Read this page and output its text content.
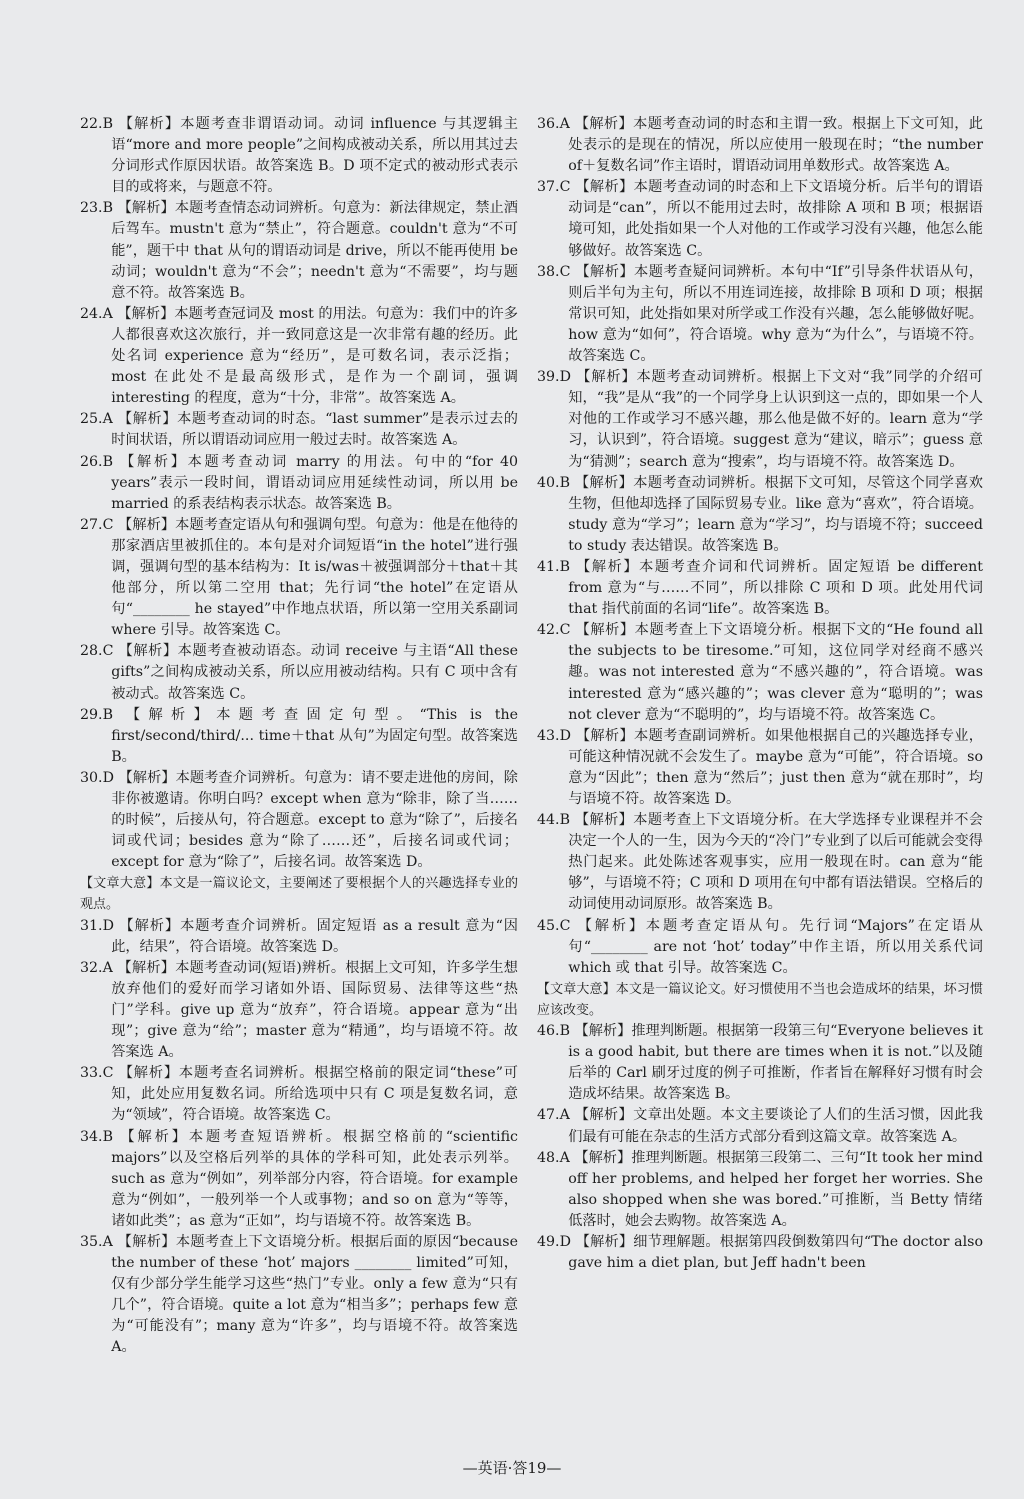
22.B 【解析】本题考查非谓语动词。动词 influence 与其逻辑主语“more and more people”之间构成被动关系，所以用其过去分词形式作原因状语。故答案选 B。D 项不定式的被动形式表示目的或将来，与题意不符。
23.B 【解析】本题考查情态动词辨析。句意为：新法律规定，禁止酒后驾车。mustn't 意为“禁止”，符合题意。couldn't 意为“不可能”，题干中 that 从句的谓语动词是 drive，所以不能再使用 be 动词；wouldn't 意为“不会”；needn't 意为“不需要”，均与题意不符。故答案选 B。
24.A 【解析】本题考查冠词及 most 的用法。句意为：我们中的许多人都很喜欢这次旅行，并一致同意这是一次非常有趣的经历。此处名词 experience 意为“经历”，是可数名词，表示泛指；most 在此处不是最高级形式，是作为一个副词，强调 interesting 的程度，意为“十分，非常”。故答案选 A。
25.A 【解析】本题考查动词的时态。“last summer”是表示过去的时间状语，所以谓语动词应用一般过去时。故答案选 A。
26.B 【解析】本题考查动词 marry 的用法。句中的“for 40 years”表示一段时间，谓语动词应用延续性动词，所以用 be married 的系表结构表示状态。故答案选 B。
27.C 【解析】本题考查定语从句和强调句型。句意为：他是在他待的那家酒店里被抓住的。本句是对介词短语“in the hotel”进行强调，强调句型的基本结构为：It is/was＋被强调部分＋that＋其他部分，所以第二空用 that；先行词“the hotel”在定语从句“________ he stayed”中作地点状语，所以第一空用关系副词 where 引导。故答案选 C。
28.C 【解析】本题考查被动语态。动词 receive 与主语“All these gifts”之间构成被动关系，所以应用被动结构。只有 C 项中含有被动式。故答案选 C。
29.B 【解析】本题考查固定句型。“This is the first/second/third/... time＋that 从句”为固定句型。故答案选 B。
30.D 【解析】本题考查介词辨析。句意为：请不要走进他的房间，除非你被邀请。你明白吗？except when 意为“除非，除了当……的时候”，后接从句，符合题意。except to 意为“除了”，后接名词或代词；besides 意为“除了……还”，后接名词或代词；except for 意为“除了”，后接名词。故答案选 D。
【文章大意】本文是一篇议论文，主要阐述了要根据个人的兴趣选择专业的观点。
31.D 【解析】本题考查介词辨析。固定短语 as a result 意为“因此，结果”，符合语境。故答案选 D。
32.A 【解析】本题考查动词(短语)辨析。根据上文可知，许多学生想放弃他们的爱好而学习诸如外语、国际贸易、法律等这些“热门”学科。give up 意为“放弃”，符合语境。appear 意为“出现”；give 意为“给”；master 意为“精通”，均与语境不符。故答案选 A。
33.C 【解析】本题考查名词辨析。根据空格前的限定词“these”可知，此处应用复数名词。所给选项中只有 C 项是复数名词，意为“领域”，符合语境。故答案选 C。
34.B 【解析】本题考查短语辨析。根据空格前的“scientific majors”以及空格后列举的具体的学科可知，此处表示列举。such as 意为“例如”，列举部分内容，符合语境。for example 意为“例如”，一般列举一个人或事物；and so on 意为“等等，诸如此类”；as 意为“正如”，均与语境不符。故答案选 B。
35.A 【解析】本题考查上下文语境分析。根据后面的原因“because the number of these ‘hot’ majors ________ limited”可知，仅有少部分学生能学习这些“热门”专业。only a few 意为“只有几个”，符合语境。quite a lot 意为“相当多”；perhaps few 意为“可能没有”；many 意为“许多”，均与语境不符。故答案选 A。
36.A 【解析】本题考查动词的时态和主谓一致。根据上下文可知，此处表示的是现在的情况，所以应使用一般现在时；“the number of＋复数名词”作主语时，谓语动词用单数形式。故答案选 A。
37.C 【解析】本题考查动词的时态和上下文语境分析。后半句的谓语动词是“can”，所以不能用过去时，故排除 A 项和 B 项；根据语境可知，此处指如果一个人对他的工作或学习没有兴趣，他怎么能够做好。故答案选 C。
38.C 【解析】本题考查疑问词辨析。本句中“If”引导条件状语从句，则后半句为主句，所以不用连词连接，故排除 B 项和 D 项；根据常识可知，此处指如果对所学或工作没有兴趣，怎么能够做好呢。how 意为“如何”，符合语境。why 意为“为什么”，与语境不符。故答案选 C。
39.D 【解析】本题考查动词辨析。根据上下文对“我”同学的介绍可知，“我”是从“我”的一个同学身上认识到这一点的，即如果一个人对他的工作或学习不感兴趣，那么他是做不好的。learn 意为“学习，认识到”，符合语境。suggest 意为“建议，暗示”；guess 意为“猜测”；search 意为“搜索”，均与语境不符。故答案选 D。
40.B 【解析】本题考查动词辨析。根据下文可知，尽管这个同学喜欢生物，但他却选择了国际贸易专业。like 意为“喜欢”，符合语境。study 意为“学习”；learn 意为“学习”，均与语境不符；succeed to study 表达错误。故答案选 B。
41.B 【解析】本题考查介词和代词辨析。固定短语 be different from 意为“与……不同”，所以排除 C 项和 D 项。此处用代词 that 指代前面的名词“life”。故答案选 B。
42.C 【解析】本题考查上下文语境分析。根据下文的“He found all the subjects to be tiresome.”可知，这位同学对经商不感兴趣。was not interested 意为“不感兴趣的”，符合语境。was interested 意为“感兴趣的”；was clever 意为“聪明的”；was not clever 意为“不聪明的”，均与语境不符。故答案选 C。
43.D 【解析】本题考查副词辨析。如果他根据自己的兴趣选择专业，可能这种情况就不会发生了。maybe 意为“可能”，符合语境。so 意为“因此”；then 意为“然后”；just then 意为“就在那时”，均与语境不符。故答案选 D。
44.B 【解析】本题考查上下文语境分析。在大学选择专业课程并不会决定一个人的一生，因为今天的“冷门”专业到了以后可能就会变得热门起来。此处陈述客观事实，应用一般现在时。can 意为“能够”，与语境不符；C 项和 D 项用在句中都有语法错误。空格后的动词使用动词原形。故答案选 B。
45.C 【解析】本题考查定语从句。先行词“Majors”在定语从句“________ are not ‘hot’ today”中作主语，所以用关系代词 which 或 that 引导。故答案选 C。
【文章大意】本文是一篇议论文。好习惯使用不当也会造成坏的结果，坏习惯应该改变。
46.B 【解析】推理判断题。根据第一段第三句“Everyone believes it is a good habit, but there are times when it is not.”以及随后举的 Carl 刷牙过度的例子可推断，作者旨在解释好习惯有时会造成坏结果。故答案选 B。
47.A 【解析】文章出处题。本文主要谈论了人们的生活习惯，因此我们最有可能在杂志的生活方式部分看到这篇文章。故答案选 A。
48.A 【解析】推理判断题。根据第三段第二、三句“It took her mind off her problems, and helped her forget her worries. She also shopped when she was bored.”可推断，当 Betty 情绪低落时，她会去购物。故答案选 A。
49.D 【解析】细节理解题。根据第四段倒数第四句“The doctor also gave him a diet plan, but Jeff hadn't been
—英语·答19—
